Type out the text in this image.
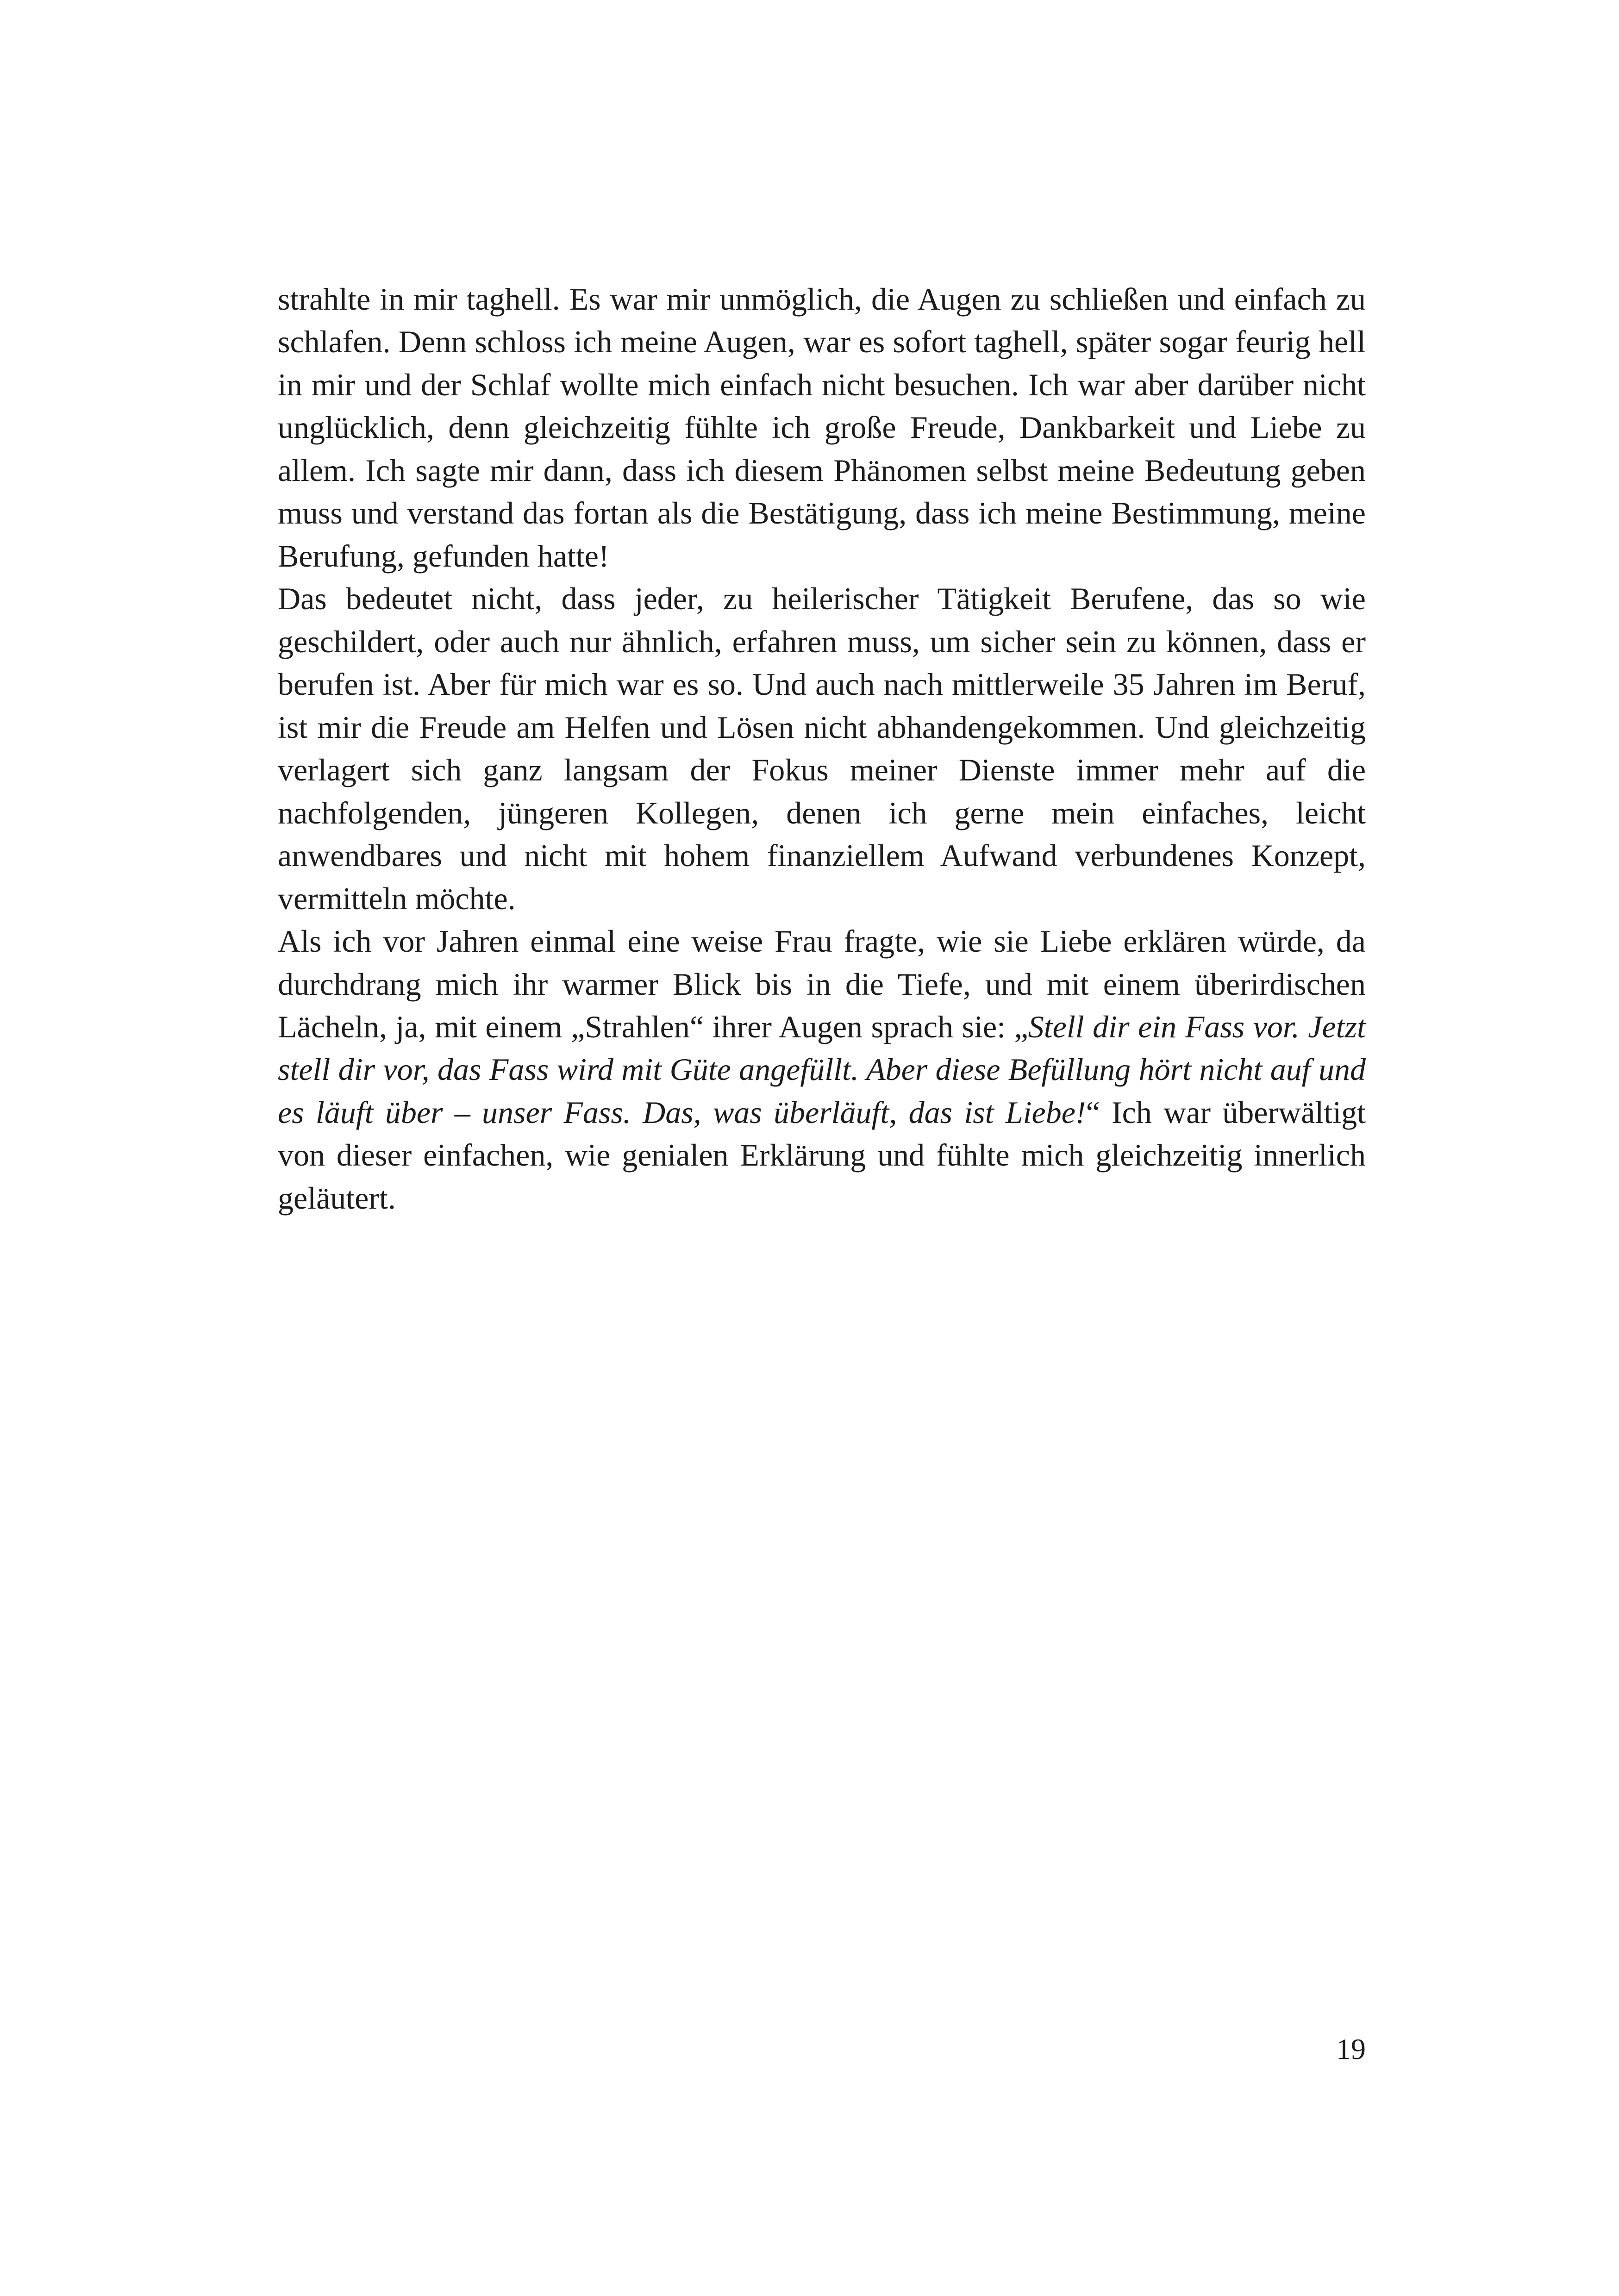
strahlte in mir taghell. Es war mir unmöglich, die Augen zu schließen und einfach zu schlafen. Denn schloss ich meine Augen, war es sofort taghell, später sogar feurig hell in mir und der Schlaf wollte mich einfach nicht besuchen. Ich war aber darüber nicht unglücklich, denn gleichzeitig fühlte ich große Freude, Dankbarkeit und Liebe zu allem. Ich sagte mir dann, dass ich diesem Phänomen selbst meine Bedeutung geben muss und verstand das fortan als die Bestätigung, dass ich meine Bestimmung, meine Berufung, gefunden hatte!

Das bedeutet nicht, dass jeder, zu heilerischer Tätigkeit Berufene, das so wie geschildert, oder auch nur ähnlich, erfahren muss, um sicher sein zu können, dass er berufen ist. Aber für mich war es so. Und auch nach mittlerweile 35 Jahren im Beruf, ist mir die Freude am Helfen und Lösen nicht abhandengekommen. Und gleichzeitig verlagert sich ganz langsam der Fokus meiner Dienste immer mehr auf die nachfolgenden, jüngeren Kollegen, denen ich gerne mein einfaches, leicht anwendbares und nicht mit hohem finanziellem Aufwand verbundenes Konzept, vermitteln möchte.

Als ich vor Jahren einmal eine weise Frau fragte, wie sie Liebe erklären würde, da durchdrang mich ihr warmer Blick bis in die Tiefe, und mit einem überirdischen Lächeln, ja, mit einem „Strahlen“ ihrer Augen sprach sie: „Stell dir ein Fass vor. Jetzt stell dir vor, das Fass wird mit Güte angefüllt. Aber diese Befüllung hört nicht auf und es läuft über – unser Fass. Das, was überläuft, das ist Liebe!“ Ich war überwältigt von dieser einfachen, wie genialen Erklärung und fühlte mich gleichzeitig innerlich geläutert.

19
